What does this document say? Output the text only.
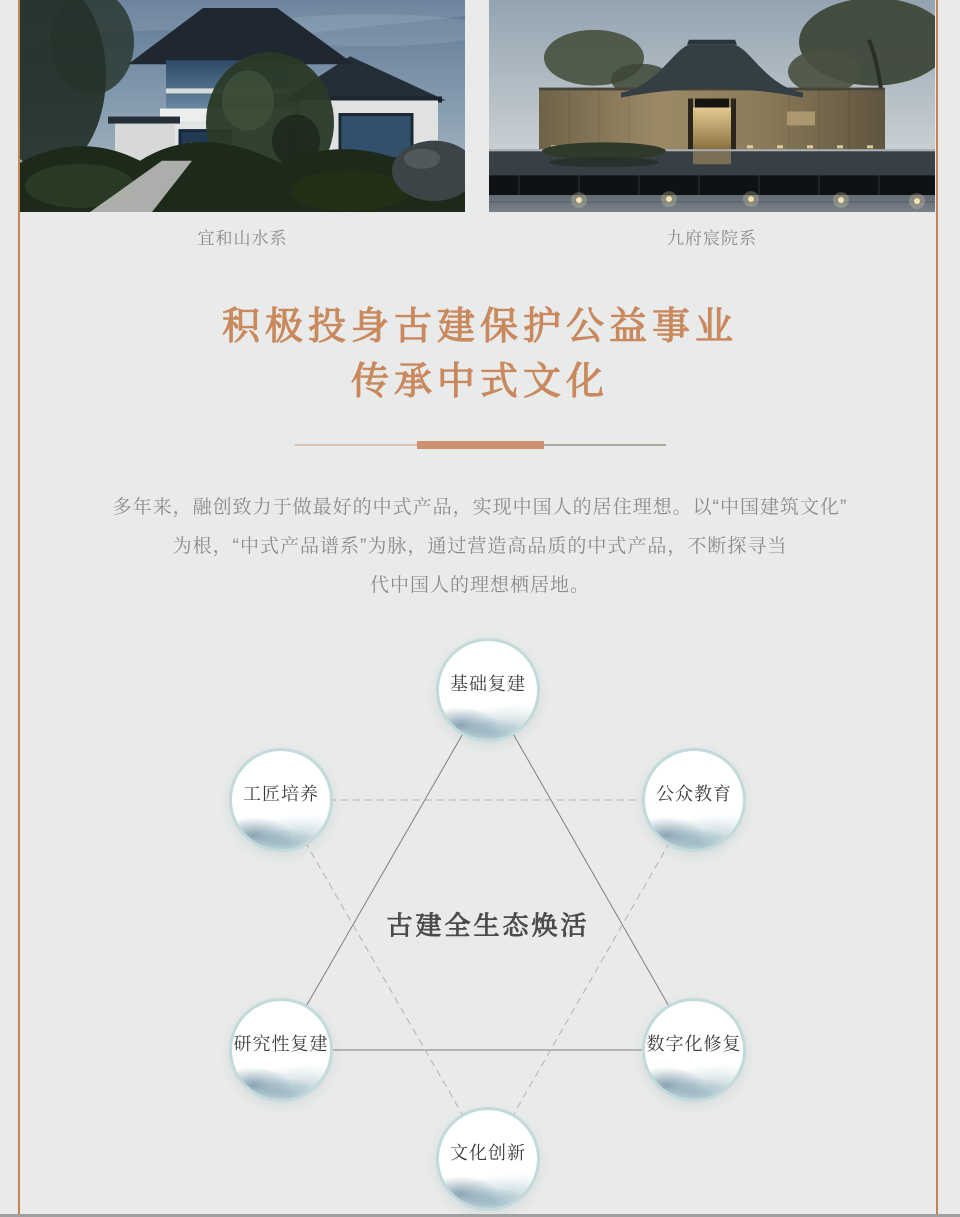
宜和山水系	九府宸院系
积极投身古建保护公益事业
传承中式文化

多年来，融创致力于做最好的中式产品，实现中国人的居住理想。以“中国建筑文化”
为根，“中式产品谱系”为脉，通过营造高品质的中式产品，不断探寻当
代中国人的理想栖居地。

基础复建
工匠培养	公众教育
研究性复建	数字化修复
文化创新
古建全生态焕活
